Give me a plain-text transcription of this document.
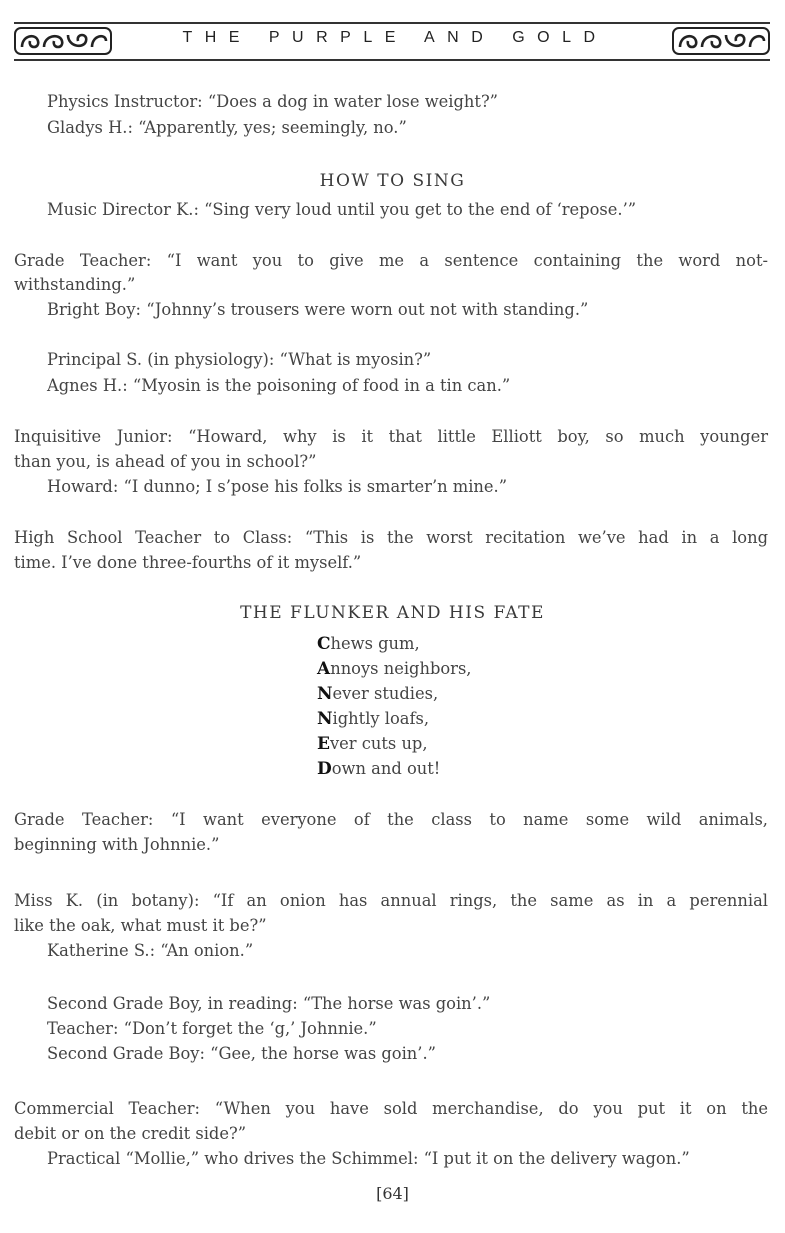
THE PURPLE AND GOLD
Physics Instructor: “Does a dog in water lose weight?”
Gladys H.: “Apparently, yes; seemingly, no.”
HOW TO SING
Music Director K.: “Sing very loud until you get to the end of ‘repose.’”
Grade Teacher: “I want you to give me a sentence containing the word not-
withstanding.”
Bright Boy: “Johnny’s trousers were worn out not with standing.”
Principal S. (in physiology): “What is myosin?”
Agnes H.: “Myosin is the poisoning of food in a tin can.”
Inquisitive Junior: “Howard, why is it that little Elliott boy, so much younger
than you, is ahead of you in school?”
Howard: “I dunno; I s’pose his folks is smarter’n mine.”
High School Teacher to Class: “This is the worst recitation we’ve had in a long
time. I’ve done three-fourths of it myself.”
THE FLUNKER AND HIS FATE
Chews gum,
Annoys neighbors,
Never studies,
Nightly loafs,
Ever cuts up,
Down and out!
Grade Teacher: “I want everyone of the class to name some wild animals,
beginning with Johnnie.”
Miss K. (in botany): “If an onion has annual rings, the same as in a perennial
like the oak, what must it be?”
Katherine S.: “An onion.”
Second Grade Boy, in reading: “The horse was goin’.”
Teacher: “Don’t forget the ‘g,’ Johnnie.”
Second Grade Boy: “Gee, the horse was goin’.”
Commercial Teacher: “When you have sold merchandise, do you put it on the
debit or on the credit side?”
Practical “Mollie,” who drives the Schimmel: “I put it on the delivery wagon.”
[64]
